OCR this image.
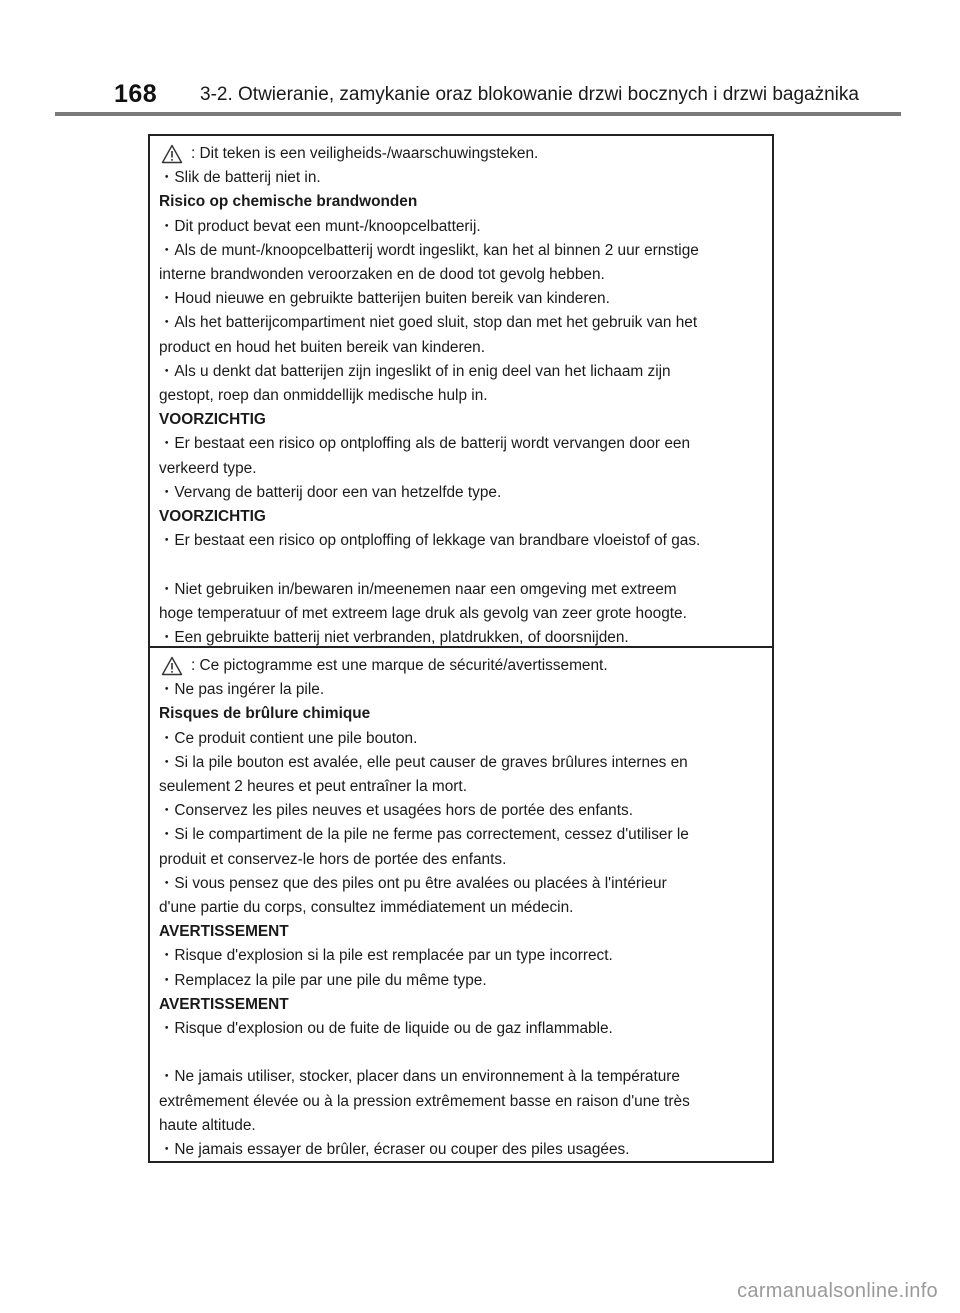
168 3-2. Otwieranie, zamykanie oraz blokowanie drzwi bocznych i drzwi bagażnika
: Dit teken is een veiligheids-/waarschuwingsteken.
・Slik de batterij niet in.
Risico op chemische brandwonden
・Dit product bevat een munt-/knoopcelbatterij.
・Als de munt-/knoopcelbatterij wordt ingeslikt, kan het al binnen 2 uur ernstige
interne brandwonden veroorzaken en de dood tot gevolg hebben.
・Houd nieuwe en gebruikte batterijen buiten bereik van kinderen.
・Als het batterijcompartiment niet goed sluit, stop dan met het gebruik van het
product en houd het buiten bereik van kinderen.
・Als u denkt dat batterijen zijn ingeslikt of in enig deel van het lichaam zijn
gestopt, roep dan onmiddellijk medische hulp in.
VOORZICHTIG
・Er bestaat een risico op ontploffing als de batterij wordt vervangen door een
verkeerd type.
・Vervang de batterij door een van hetzelfde type.
VOORZICHTIG
・Er bestaat een risico op ontploffing of lekkage van brandbare vloeistof of gas.
・Niet gebruiken in/bewaren in/meenemen naar een omgeving met extreem
hoge temperatuur of met extreem lage druk als gevolg van zeer grote hoogte.
・Een gebruikte batterij niet verbranden, platdrukken, of doorsnijden.
: Ce pictogramme est une marque de sécurité/avertissement.
・Ne pas ingérer la pile.
Risques de brûlure chimique
・Ce produit contient une pile bouton.
・Si la pile bouton est avalée, elle peut causer de graves brûlures internes en
seulement 2 heures et peut entraîner la mort.
・Conservez les piles neuves et usagées hors de portée des enfants.
・Si le compartiment de la pile ne ferme pas correctement, cessez d'utiliser le
produit et conservez-le hors de portée des enfants.
・Si vous pensez que des piles ont pu être avalées ou placées à l'intérieur
d'une partie du corps, consultez immédiatement un médecin.
AVERTISSEMENT
・Risque d'explosion si la pile est remplacée par un type incorrect.
・Remplacez la pile par une pile du même type.
AVERTISSEMENT
・Risque d'explosion ou de fuite de liquide ou de gaz inflammable.
・Ne jamais utiliser, stocker, placer dans un environnement à la température
extrêmement élevée ou à la pression extrêmement basse en raison d'une très
haute altitude.
・Ne jamais essayer de brûler, écraser ou couper des piles usagées.
carmanualsonline.info
